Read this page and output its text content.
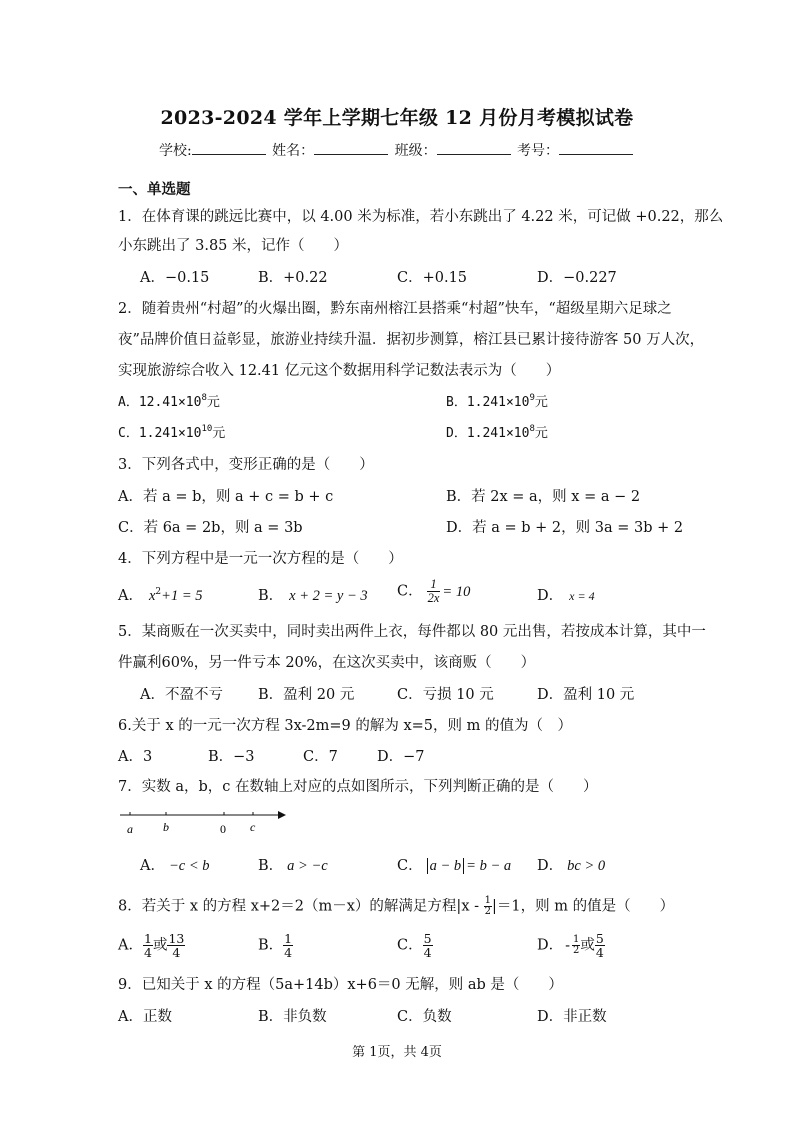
2023-2024 学年上学期七年级 12 月份月考模拟试卷
学校:	姓名：	班级：	考号：
一、单选题
1．在体育课的跳远比赛中，以 4.00 米为标准，若小东跳出了 4.22 米，可记做 +0.22，那么
小东跳出了 3.85 米，记作（　　）
A．−0.15	B．+0.22	C．+0.15	D．−0.227
2．随着贵州“村超”的火爆出圈，黔东南州榕江县搭乘“村超”快车，“超级星期六足球之
夜”品牌价值日益彰显，旅游业持续升温．据初步测算，榕江县已累计接待游客 50 万人次，
实现旅游综合收入 12.41 亿元这个数据用科学记数法表示为（　　）
A．$12.41\times 10^8$元	B．$1.241\times 10^9$元
C．$1.241\times 10^{10}$元	D．$1.241\times 10^8$元
3．下列各式中，变形正确的是（　　）
A．若 a = b，则 a + c = b + c	B．若 2x = a，则 x = a − 2
C．若 6a = 2b，则 a = 3b	D．若 a = b + 2，则 3a = 3b + 2
4．下列方程中是一元一次方程的是（　　）
A． $x^2+1 = 5$	B． x + 2 = y − 3 C． $\frac{1}{2x} = 10$	D． x = 4
5．某商贩在一次买卖中，同时卖出两件上衣，每件都以 80 元出售，若按成本计算，其中一
件赢利60%，另一件亏本 20%，在这次买卖中，该商贩（　　）
A．不盈不亏 B．盈利 20 元	C．亏损 10 元	D．盈利 10 元
6.关于 x 的一元一次方程 3x-2m=9 的解为 x=5，则 m 的值为（　）
A．3	B．−3	C．7	D．−7
7．实数 a，b，c 在数轴上对应的点如图所示，下列判断正确的是（　　）
a	b	0 c
A． −c < b	B． a > −c	C． a − b = b − a D． bc > 0
8．若关于 x 的方程 x+2＝2（m－x）的解满足方程$|x - \frac{1}{2} |=1$，则 m 的值是（　　）
A． $\frac{1}{4}$ 或 $\frac{13}{4}$	B． $\frac{1}{4}$	C． $\frac{5}{4}$	D． - $\frac{1}{2}$ 或 $\frac{5}{4}$
9．已知关于 x 的方程（5a+14b）x+6＝0 无解，则 ab 是（　　）
A．正数	B．非负数	C．负数	D．非正数
第 1页，共 4页
